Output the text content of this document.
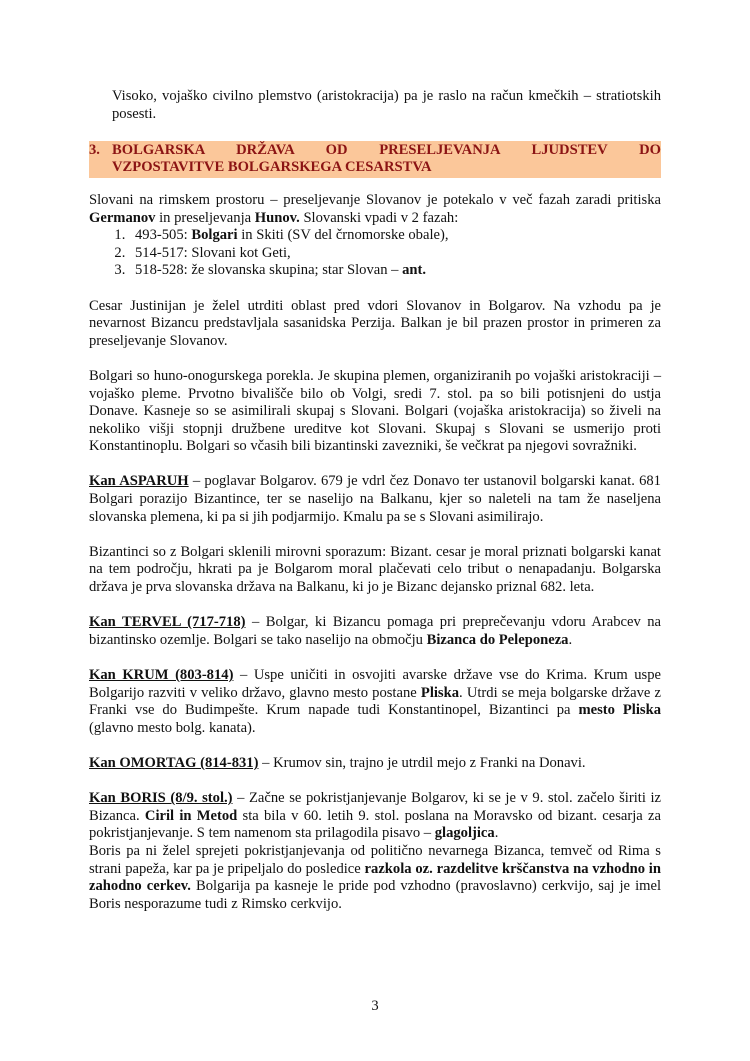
Visoko, vojaško civilno plemstvo (aristokracija) pa je raslo na račun kmečkih – stratiotskih posesti.

3. BOLGARSKA DRŽAVA OD PRESELJEVANJA LJUDSTEV DO
VZPOSTAVITVE BOLGARSKEGA CESARSTVA

Slovani na rimskem prostoru – preseljevanje Slovanov je potekalo v več fazah zaradi pritiska Germanov in preseljevanja Hunov. Slovanski vpadi v 2 fazah:

1. 493-505: Bolgari in Skiti (SV del črnomorske obale),
2. 514-517: Slovani kot Geti,
3. 518-528: že slovanska skupina; star Slovan – ant.

Cesar Justinijan je želel utrditi oblast pred vdori Slovanov in Bolgarov. Na vzhodu pa je nevarnost Bizancu predstavljala sasanidska Perzija. Balkan je bil prazen prostor in primeren za preseljevanje Slovanov.

Bolgari so huno-onogurskega porekla. Je skupina plemen, organiziranih po vojaški aristokraciji – vojaško pleme. Prvotno bivališče bilo ob Volgi, sredi 7. stol. pa so bili potisnjeni do ustja Donave. Kasneje so se asimilirali skupaj s Slovani. Bolgari (vojaška aristokracija) so živeli na nekoliko višji stopnji družbene ureditve kot Slovani. Skupaj s Slovani se usmerijo proti Konstantinoplu. Bolgari so včasih bili bizantinski zavezniki, še večkrat pa njegovi sovražniki.

Kan ASPARUH – poglavar Bolgarov. 679 je vdrl čez Donavo ter ustanovil bolgarski kanat. 681 Bolgari porazijo Bizantince, ter se naselijo na Balkanu, kjer so naleteli na tam že naseljena slovanska plemena, ki pa si jih podjarmijo. Kmalu pa se s Slovani asimilirajo.

Bizantinci so z Bolgari sklenili mirovni sporazum: Bizant. cesar je moral priznati bolgarski kanat na tem področju, hkrati pa je Bolgarom moral plačevati celo tribut o nenapadanju. Bolgarska država je prva slovanska država na Balkanu, ki jo je Bizanc dejansko priznal 682. leta.

Kan TERVEL (717-718) – Bolgar, ki Bizancu pomaga pri preprečevanju vdoru Arabcev na bizantinsko ozemlje. Bolgari se tako naselijo na območju Bizanca do Peleponeza.

Kan KRUM (803-814) – Uspe uničiti in osvojiti avarske države vse do Krima. Krum uspe Bolgarijo razviti v veliko državo, glavno mesto postane Pliska. Utrdi se meja bolgarske države z Franki vse do Budimpešte. Krum napade tudi Konstantinopel, Bizantinci pa mesto Pliska (glavno mesto bolg. kanata).

Kan OMORTAG (814-831) – Krumov sin, trajno je utrdil mejo z Franki na Donavi.

Kan BORIS (8/9. stol.) – Začne se pokristjanjevanje Bolgarov, ki se je v 9. stol. začelo širiti iz Bizanca. Ciril in Metod sta bila v 60. letih 9. stol. poslana na Moravsko od bizant. cesarja za pokristjanjevanje. S tem namenom sta prilagodila pisavo – glagoljica.

Boris pa ni želel sprejeti pokristjanjevanja od politično nevarnega Bizanca, temveč od Rima s strani papeža, kar pa je pripeljalo do posledice razkola oz. razdelitve krščanstva na vzhodno in zahodno cerkev. Bolgarija pa kasneje le pride pod vzhodno (pravoslavno) cerkvijo, saj je imel Boris nesporazume tudi z Rimsko cerkvijo.

3
